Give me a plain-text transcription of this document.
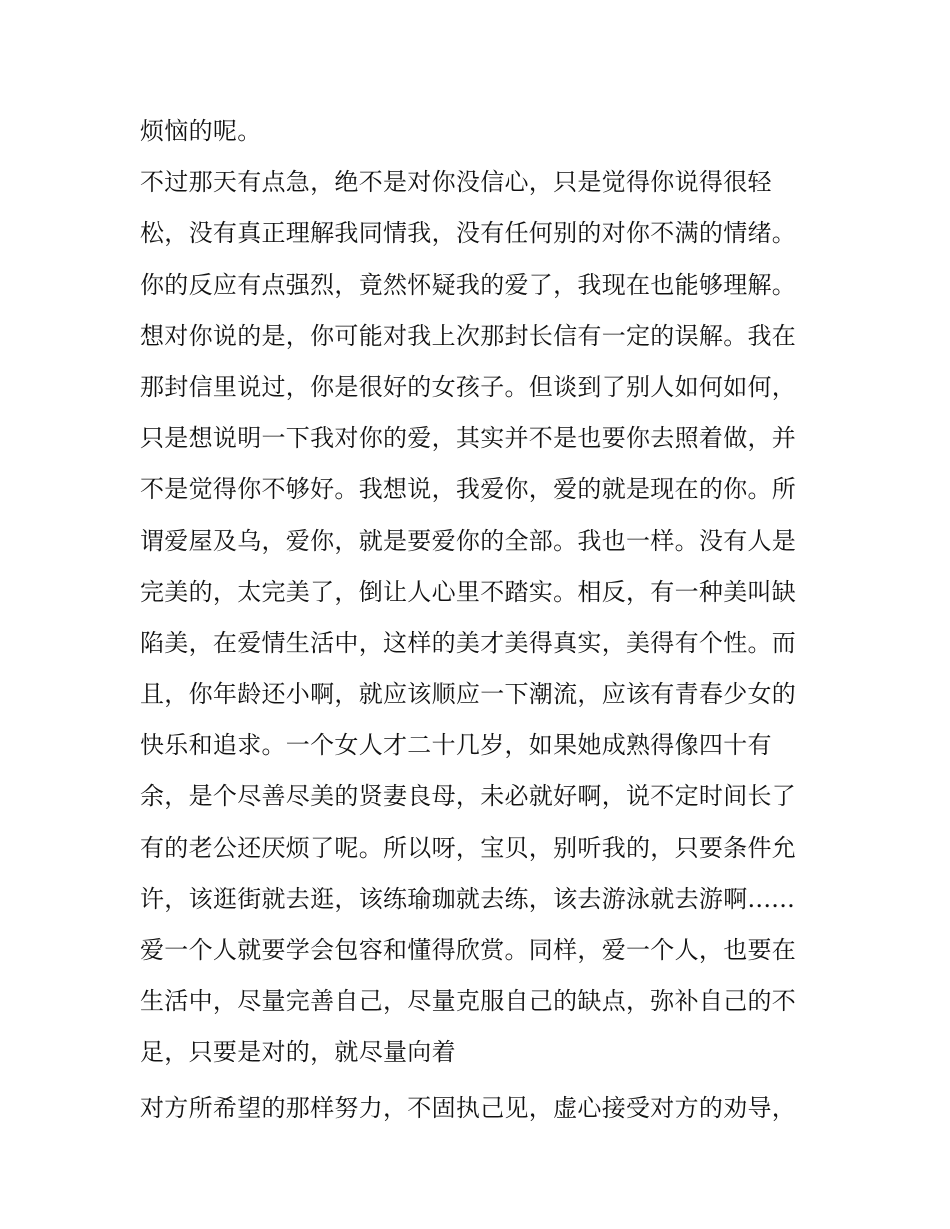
烦恼的呢。
不过那天有点急，绝不是对你没信心，只是觉得你说得很轻
松，没有真正理解我同情我，没有任何别的对你不满的情绪。
你的反应有点强烈，竟然怀疑我的爱了，我现在也能够理解。
想对你说的是，你可能对我上次那封长信有一定的误解。我在
那封信里说过，你是很好的女孩子。但谈到了别人如何如何，
只是想说明一下我对你的爱，其实并不是也要你去照着做，并
不是觉得你不够好。我想说，我爱你，爱的就是现在的你。所
谓爱屋及乌，爱你，就是要爱你的全部。我也一样。没有人是
完美的，太完美了，倒让人心里不踏实。相反，有一种美叫缺
陷美，在爱情生活中，这样的美才美得真实，美得有个性。而
且，你年龄还小啊，就应该顺应一下潮流，应该有青春少女的
快乐和追求。一个女人才二十几岁，如果她成熟得像四十有
余，是个尽善尽美的贤妻良母，未必就好啊，说不定时间长了
有的老公还厌烦了呢。所以呀，宝贝，别听我的，只要条件允
许，该逛街就去逛，该练瑜珈就去练，该去游泳就去游啊......
爱一个人就要学会包容和懂得欣赏。同样，爱一个人，也要在
生活中，尽量完善自己，尽量克服自己的缺点，弥补自己的不
足，只要是对的，就尽量向着
对方所希望的那样努力，不固执己见，虚心接受对方的劝导，
